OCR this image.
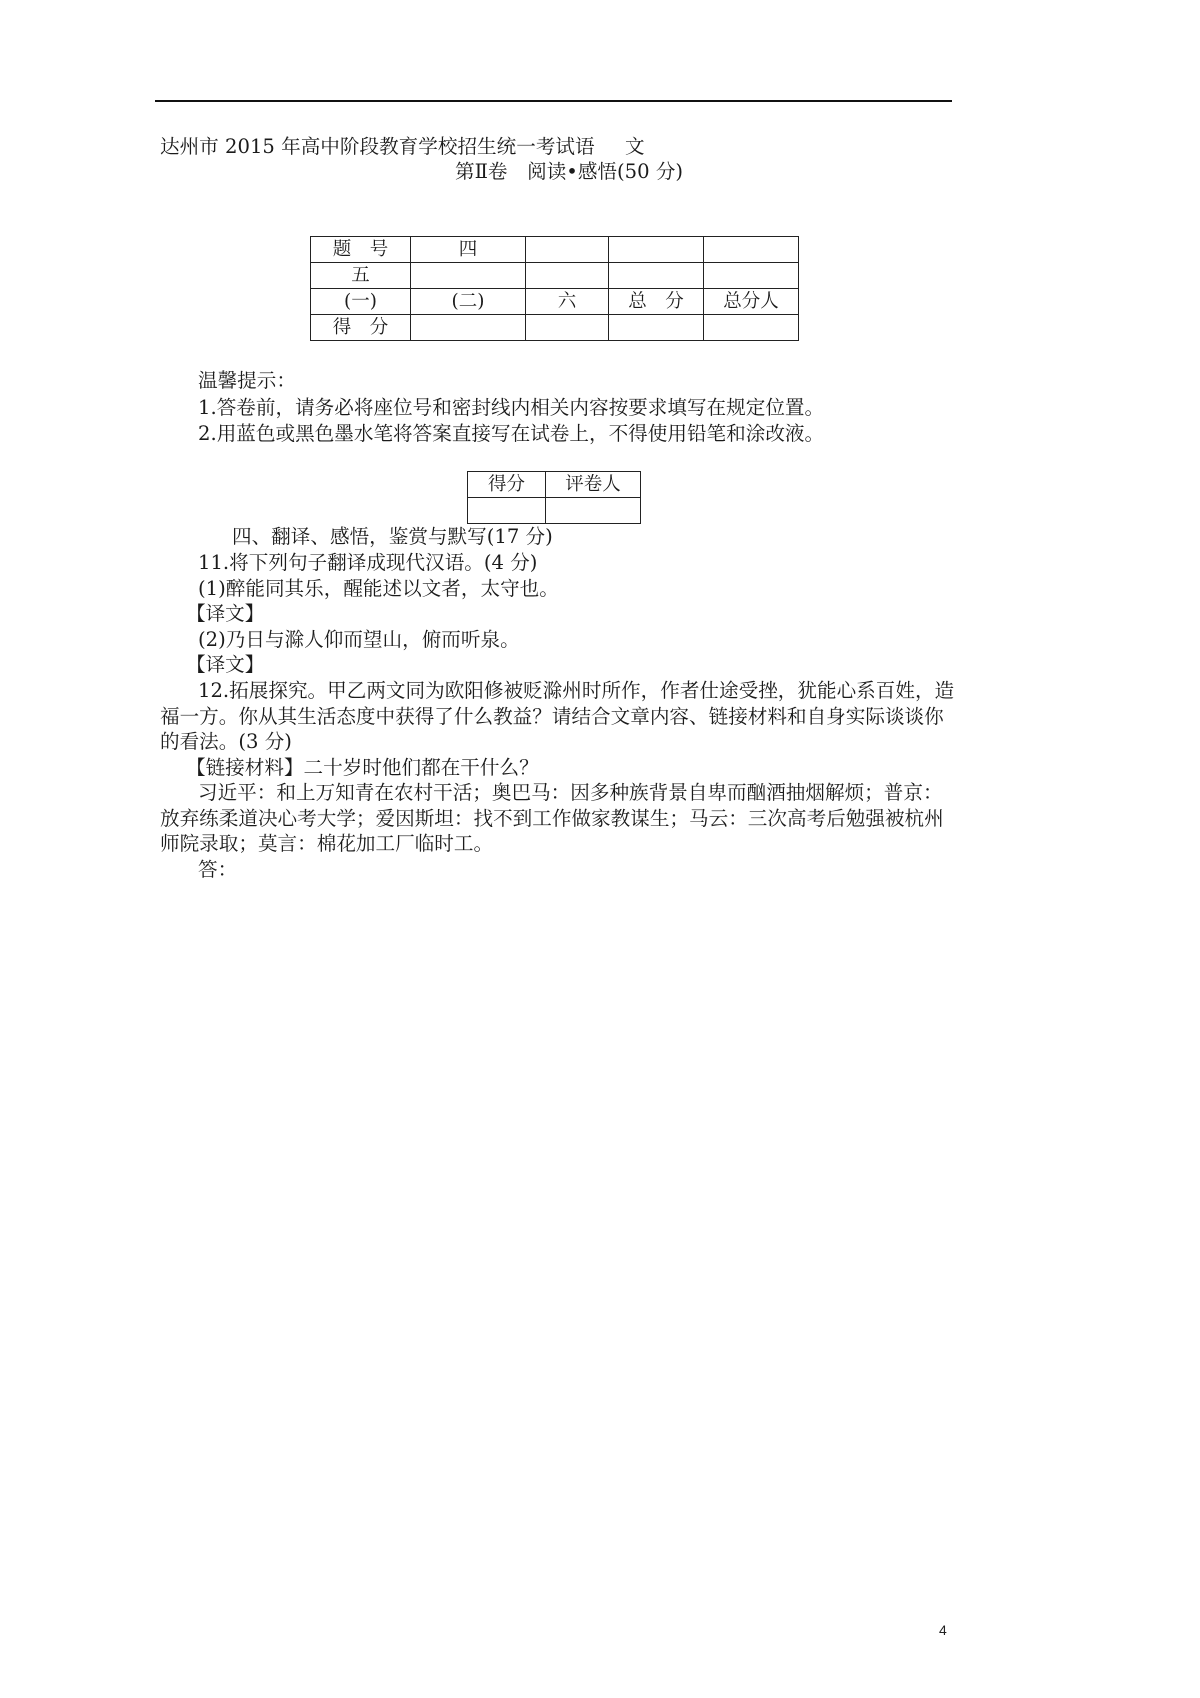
达州市 2015 年高中阶段教育学校招生统一考试语 文
第Ⅱ卷　阅读•感悟(50 分)
题　号	四			
五				
(一)	(二)	六	总　分	总分人
得　分				
温馨提示：
1.答卷前，请务必将座位号和密封线内相关内容按要求填写在规定位置。
2.用蓝色或黑色墨水笔将答案直接写在试卷上，不得使用铅笔和涂改液。
得分	评卷人

四、翻译、感悟，鉴赏与默写(17 分)
11.将下列句子翻译成现代汉语。(4 分)
(1)醉能同其乐，醒能述以文者，太守也。
【译文】
(2)乃日与滁人仰而望山，俯而听泉。
【译文】
12.拓展探究。甲乙两文同为欧阳修被贬滁州时所作，作者仕途受挫，犹能心系百姓，造
福一方。你从其生活态度中获得了什么教益？请结合文章内容、链接材料和自身实际谈谈你
的看法。(3 分)
【链接材料】二十岁时他们都在干什么？
习近平：和上万知青在农村干活；奥巴马：因多种族背景自卑而酗酒抽烟解烦；普京：
放弃练柔道决心考大学；爱因斯坦：找不到工作做家教谋生；马云：三次高考后勉强被杭州
师院录取；莫言：棉花加工厂临时工。
答：
4
